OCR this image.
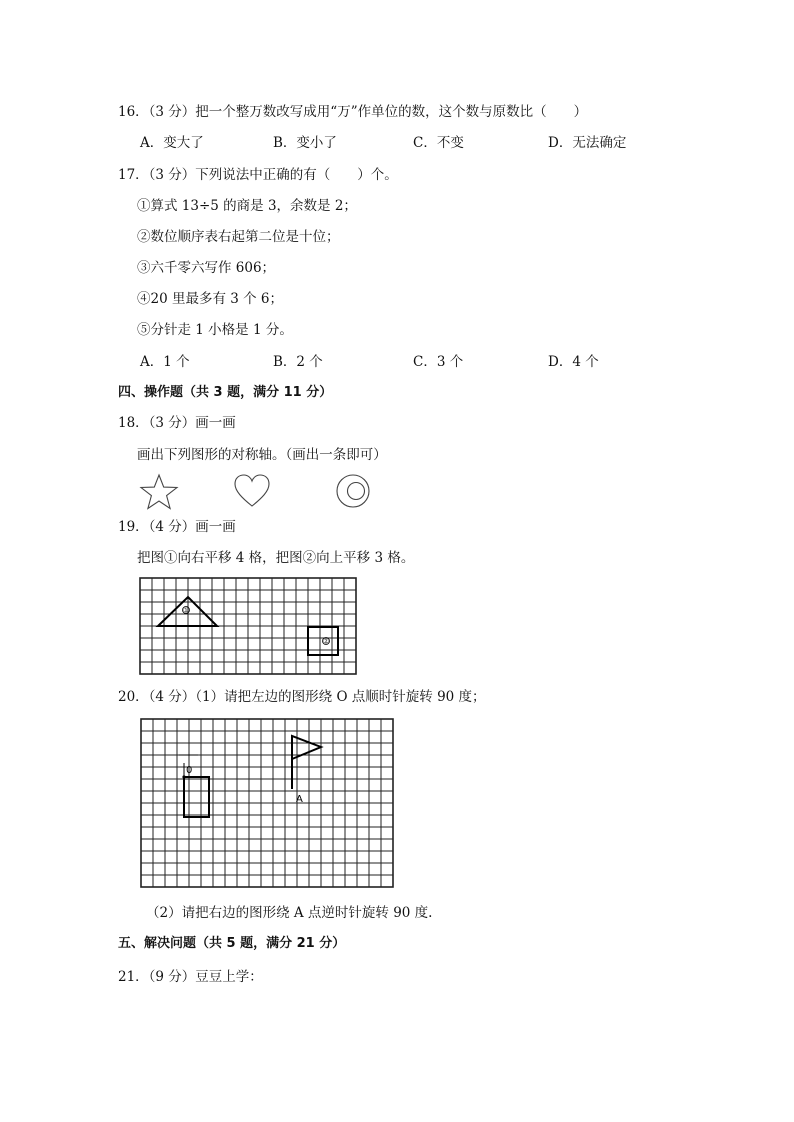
16．（3 分）把一个整万数改写成用“万”作单位的数，这个数与原数比（　　）
A．变大了	B．变小了	C．不变	D．无法确定
17．（3 分）下列说法中正确的有（　　）个。
①算式 13÷5 的商是 3，余数是 2；
②数位顺序表右起第二位是十位；
③六千零六写作 606；
④20 里最多有 3 个 6；
⑤分针走 1 小格是 1 分。
A．1 个	B．2 个	C．3 个	D．4 个
四、操作题（共 3 题，满分 11 分）
18．（3 分）画一画
画出下列图形的对称轴。（画出一条即可）
19．（4 分）画一画
把图①向右平移 4 格，把图②向上平移 3 格。
①
②
20．（4 分）（1）请把左边的图形绕 O 点顺时针旋转 90 度；
0
A
（2）请把右边的图形绕 A 点逆时针旋转 90 度.
五、解决问题（共 5 题，满分 21 分）
21．（9 分）豆豆上学：
